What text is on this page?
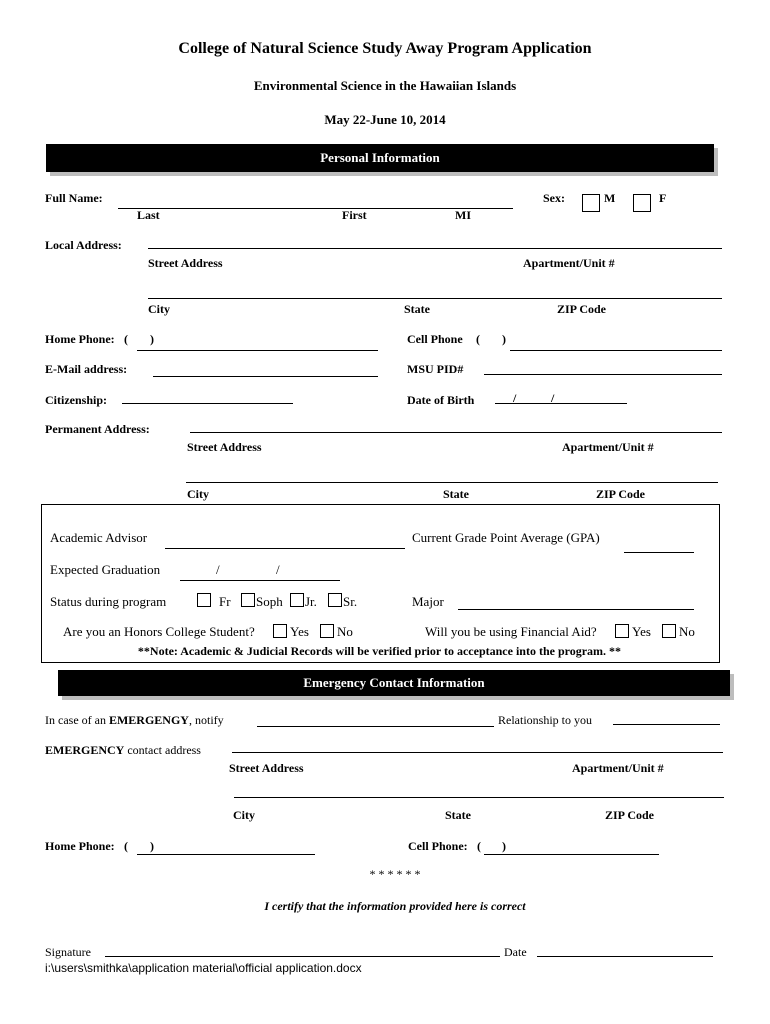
College of Natural Science Study Away Program Application
Environmental Science in the Hawaiian Islands
May 22-June 10, 2014
Personal Information
Full Name:
Last	First	MI
Sex:	M	F
Local Address:
Street Address	Apartment/Unit #
City	State	ZIP Code
Home Phone: ( )	Cell Phone ( )
E-Mail address:	MSU PID#
Citizenship:	Date of Birth	/	/
Permanent Address:
Street Address	Apartment/Unit #
City	State	ZIP Code
Academic Advisor	Current Grade Point Average (GPA)
Expected Graduation	/	/
Status during program	Fr Soph Jr. Sr.	Major
Are you an Honors College Student?	Yes No	Will you be using Financial Aid?	Yes No
**Note: Academic & Judicial Records will be verified prior to acceptance into the program. **
Emergency Contact Information
In case of an EMERGENGY, notify	Relationship to you
EMERGENCY contact address
Street Address	Apartment/Unit #
City	State	ZIP Code
Home Phone: ( )	Cell Phone: ( )
* * * * * *
I certify that the information provided here is correct
Signature	Date
i:\users\smithka\application material\official application.docx
